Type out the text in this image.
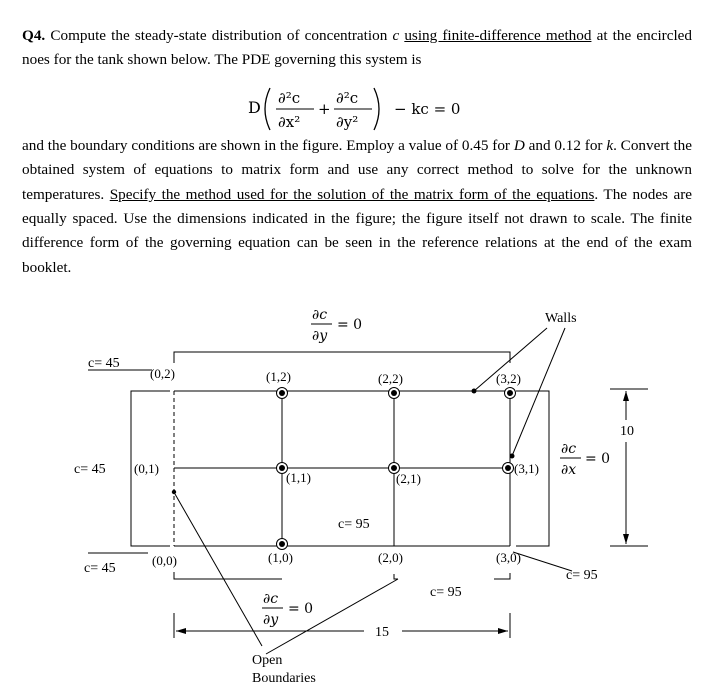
Q4. Compute the steady-state distribution of concentration c using finite-difference method at the encircled noes for the tank shown below. The PDE governing this system is

and the boundary conditions are shown in the figure. Employ a value of 0.45 for D and 0.12 for k. Convert the obtained system of equations to matrix form and use any correct method to solve for the unknown temperatures. Specify the method used for the solution of the matrix form of the equations. The nodes are equally spaced. Use the dimensions indicated in the figure; the figure itself not drawn to scale. The finite difference form of the governing equation can be seen in the reference relations at the end of the exam booklet.

D ∂²c
∂x²
+
∂²c
∂y²
− kc = 0
∂c
∂y
= 0
(0,2)	(1,2)	(2,2)	(3,2)
(0,1)
(1,1)	(2,1)
(3,1)
(0,0)	(1,0)	(2,0)	(3,0)
c= 45
c= 45
c= 45
c= 95
c= 95
c= 95
∂c
∂x
= 0
∂c
∂y
= 0
Walls
Open
Boundaries
15
10
